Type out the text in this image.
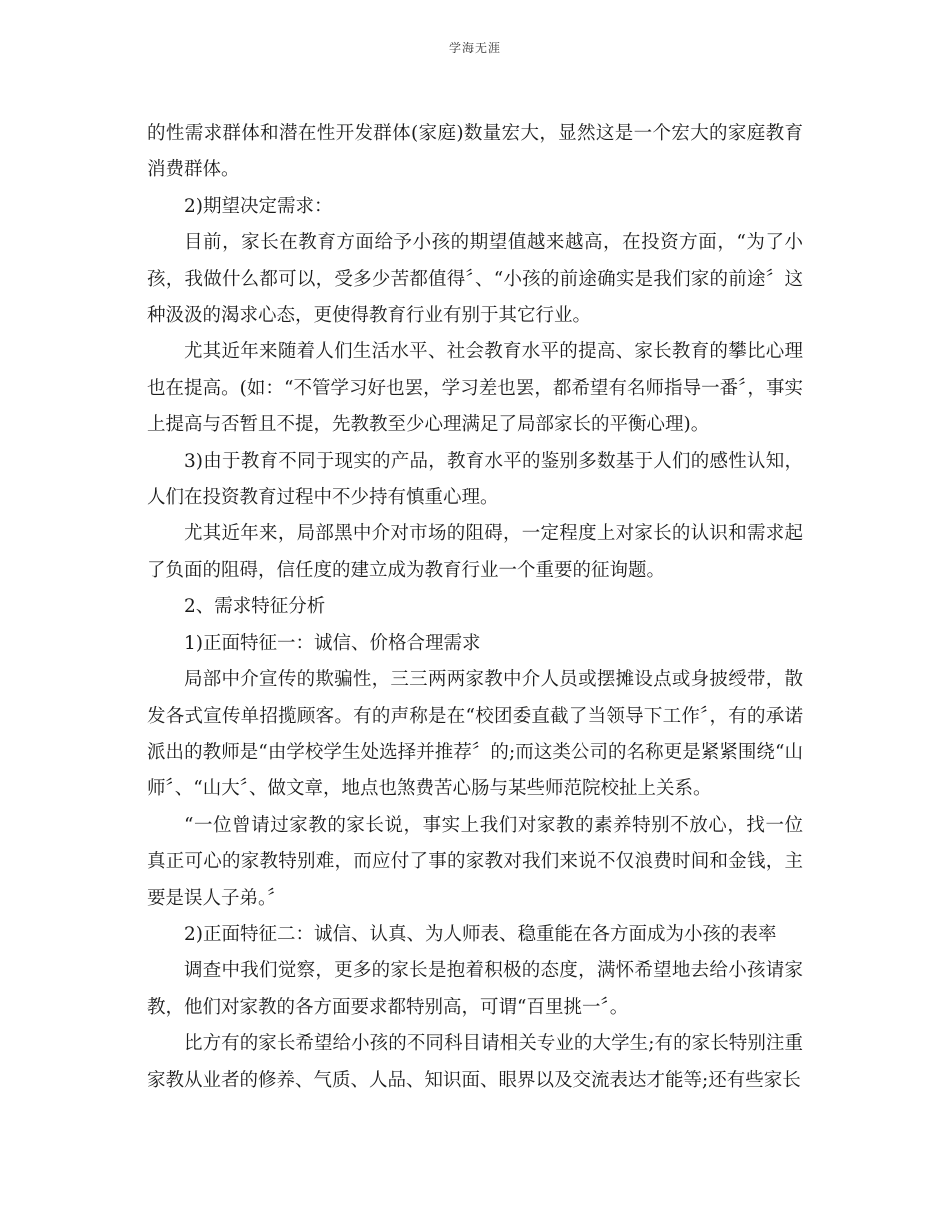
学海无涯

的性需求群体和潜在性开发群体(家庭)数量宏大，显然这是一个宏大的家庭教育消费群体。

2)期望决定需求：

目前，家长在教育方面给予小孩的期望值越来越高，在投资方面，“为了小孩，我做什么都可以，受多少苦都值得〞、“小孩的前途确实是我们家的前途〞这种汲汲的渴求心态，更使得教育行业有别于其它行业。

尤其近年来随着人们生活水平、社会教育水平的提高、家长教育的攀比心理也在提高。(如：“不管学习好也罢，学习差也罢，都希望有名师指导一番〞，事实上提高与否暂且不提，先教教至少心理满足了局部家长的平衡心理)。

3)由于教育不同于现实的产品，教育水平的鉴别多数基于人们的感性认知，人们在投资教育过程中不少持有慎重心理。

尤其近年来，局部黑中介对市场的阻碍，一定程度上对家长的认识和需求起了负面的阻碍，信任度的建立成为教育行业一个重要的征询题。

2、需求特征分析

1)正面特征一：诚信、价格合理需求

局部中介宣传的欺骗性，三三两两家教中介人员或摆摊设点或身披绶带，散发各式宣传单招揽顾客。有的声称是在“校团委直截了当领导下工作〞，有的承诺派出的教师是“由学校学生处选择并推荐〞的;而这类公司的名称更是紧紧围绕“山师〞、“山大〞、做文章，地点也煞费苦心肠与某些师范院校扯上关系。

“一位曾请过家教的家长说，事实上我们对家教的素养特别不放心，找一位真正可心的家教特别难，而应付了事的家教对我们来说不仅浪费时间和金钱，主要是误人子弟。〞

2)正面特征二：诚信、认真、为人师表、稳重能在各方面成为小孩的表率

调查中我们觉察，更多的家长是抱着积极的态度，满怀希望地去给小孩请家教，他们对家教的各方面要求都特别高，可谓“百里挑一〞。

比方有的家长希望给小孩的不同科目请相关专业的大学生;有的家长特别注重家教从业者的修养、气质、人品、知识面、眼界以及交流表达才能等;还有些家长
